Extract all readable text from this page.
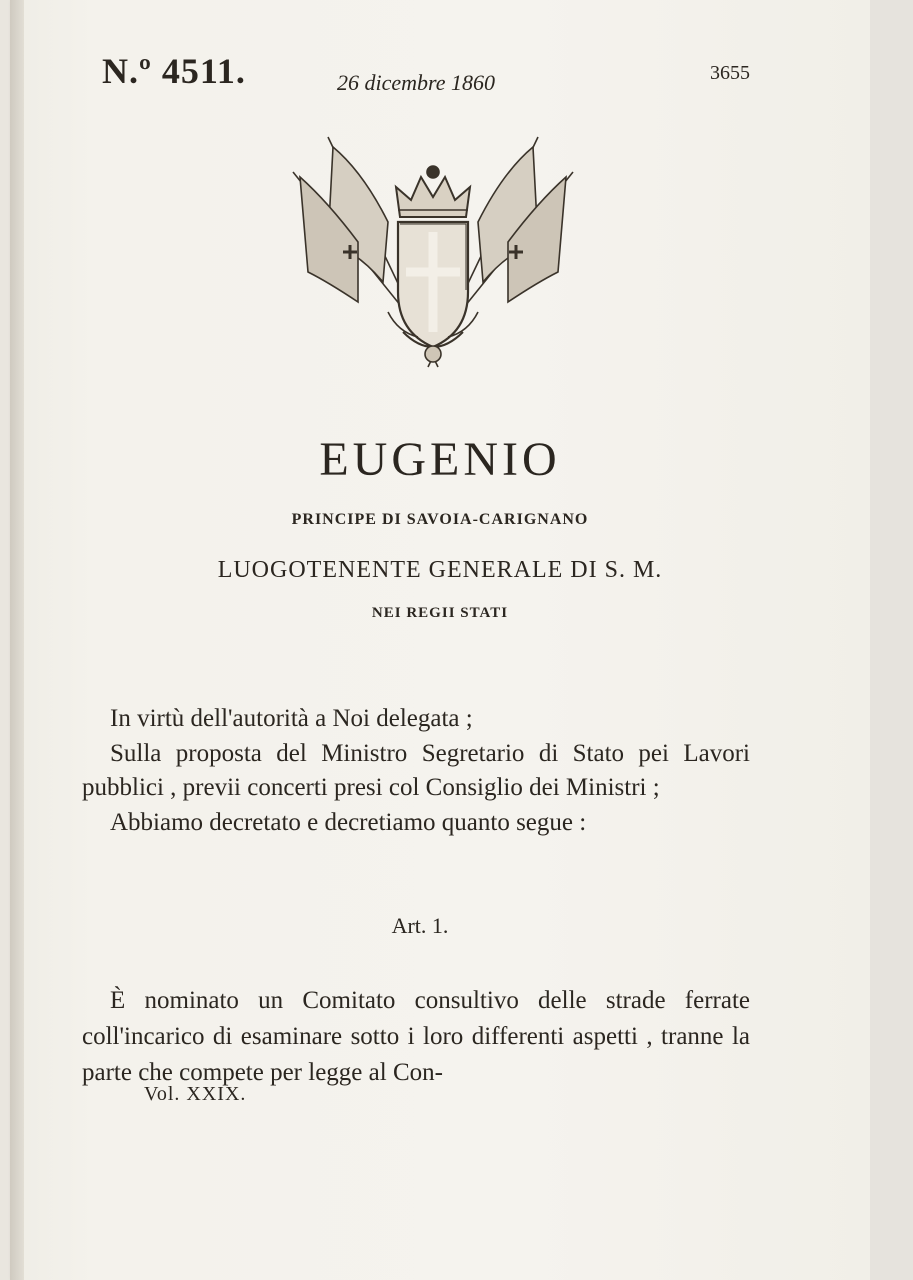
N.º 4511.	26 dicembre 1860	3655
EUGENIO
PRINCIPE DI SAVOIA-CARIGNANO
LUOGOTENENTE GENERALE DI S. M.
NEI REGII STATI

In virtù dell'autorità a Noi delegata ;

Sulla proposta del Ministro Segretario di Stato pei Lavori pubblici , previi concerti presi col Consiglio dei Ministri ;

Abbiamo decretato e decretiamo quanto segue :

Art. 1.
È nominato un Comitato consultivo delle strade ferrate coll'incarico di esaminare sotto i loro differenti aspetti , tranne la parte che compete per legge al Con-
Vol. XXIX.
